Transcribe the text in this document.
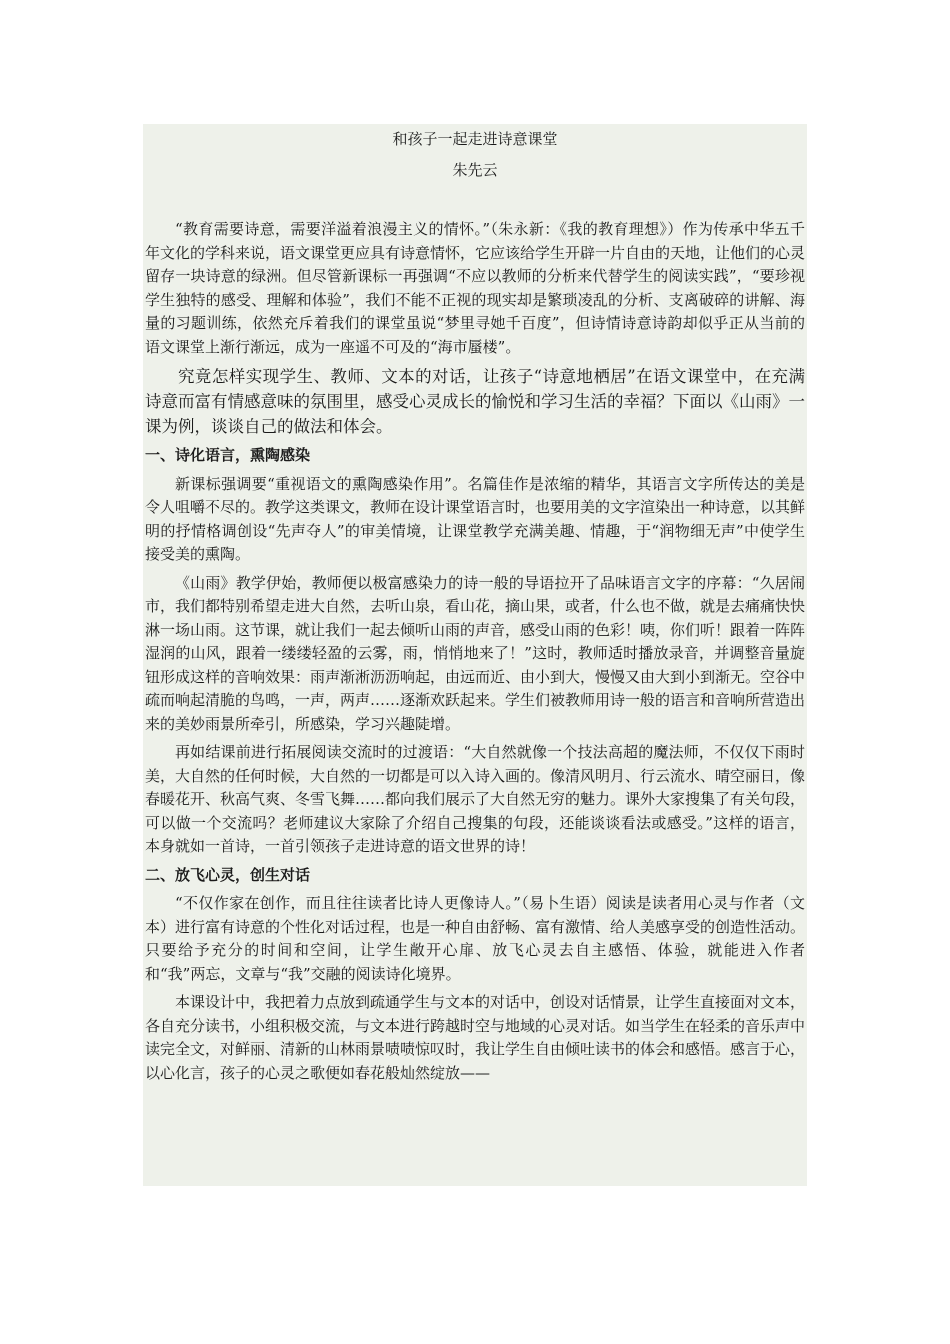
和孩子一起走进诗意课堂
朱先云

“教育需要诗意，需要洋溢着浪漫主义的情怀。”（朱永新：《我的教育理想》）作为传承中华五千年文化的学科来说，语文课堂更应具有诗意情怀，它应该给学生开辟一片自由的天地，让他们的心灵留存一块诗意的绿洲。但尽管新课标一再强调“不应以教师的分析来代替学生的阅读实践”，“要珍视学生独特的感受、理解和体验”，我们不能不正视的现实却是繁琐凌乱的分析、支离破碎的讲解、海量的习题训练，依然充斥着我们的课堂虽说“梦里寻她千百度”，但诗情诗意诗韵却似乎正从当前的语文课堂上渐行渐远，成为一座遥不可及的“海市蜃楼”。

究竟怎样实现学生、教师、文本的对话，让孩子“诗意地栖居”在语文课堂中，在充满诗意而富有情感意味的氛围里，感受心灵成长的愉悦和学习生活的幸福？下面以《山雨》一课为例，谈谈自己的做法和体会。

一、诗化语言，熏陶感染

新课标强调要“重视语文的熏陶感染作用”。名篇佳作是浓缩的精华，其语言文字所传达的美是令人咀嚼不尽的。教学这类课文，教师在设计课堂语言时，也要用美的文字渲染出一种诗意，以其鲜明的抒情格调创设“先声夺人”的审美情境，让课堂教学充满美趣、情趣，于“润物细无声”中使学生接受美的熏陶。

《山雨》教学伊始，教师便以极富感染力的诗一般的导语拉开了品味语言文字的序幕：“久居闹市，我们都特别希望走进大自然，去听山泉，看山花，摘山果，或者，什么也不做，就是去痛痛快快淋一场山雨。这节课，就让我们一起去倾听山雨的声音，感受山雨的色彩！咦，你们听！跟着一阵阵湿润的山风，跟着一缕缕轻盈的云雾，雨，悄悄地来了！”这时，教师适时播放录音，并调整音量旋钮形成这样的音响效果：雨声渐淅沥沥响起，由远而近、由小到大，慢慢又由大到小到渐无。空谷中疏而响起清脆的鸟鸣，一声，两声……逐渐欢跃起来。学生们被教师用诗一般的语言和音响所营造出来的美妙雨景所牵引，所感染，学习兴趣陡增。

再如结课前进行拓展阅读交流时的过渡语：“大自然就像一个技法高超的魔法师，不仅仅下雨时美，大自然的任何时候，大自然的一切都是可以入诗入画的。像清风明月、行云流水、晴空丽日，像春暖花开、秋高气爽、冬雪飞舞……都向我们展示了大自然无穷的魅力。课外大家搜集了有关句段，可以做一个交流吗？老师建议大家除了介绍自己搜集的句段，还能谈谈看法或感受。”这样的语言，本身就如一首诗，一首引领孩子走进诗意的语文世界的诗！

二、放飞心灵，创生对话

“不仅作家在创作，而且往往读者比诗人更像诗人。”（易卜生语）阅读是读者用心灵与作者（文本）进行富有诗意的个性化对话过程，也是一种自由舒畅、富有激情、给人美感享受的创造性活动。只要给予充分的时间和空间，让学生敞开心扉、放飞心灵去自主感悟、体验，就能进入作者和“我”两忘，文章与“我”交融的阅读诗化境界。

本课设计中，我把着力点放到疏通学生与文本的对话中，创设对话情景，让学生直接面对文本，各自充分读书，小组积极交流，与文本进行跨越时空与地域的心灵对话。如当学生在轻柔的音乐声中读完全文，对鲜丽、清新的山林雨景啧啧惊叹时，我让学生自由倾吐读书的体会和感悟。感言于心，以心化言，孩子的心灵之歌便如春花般灿然绽放——
